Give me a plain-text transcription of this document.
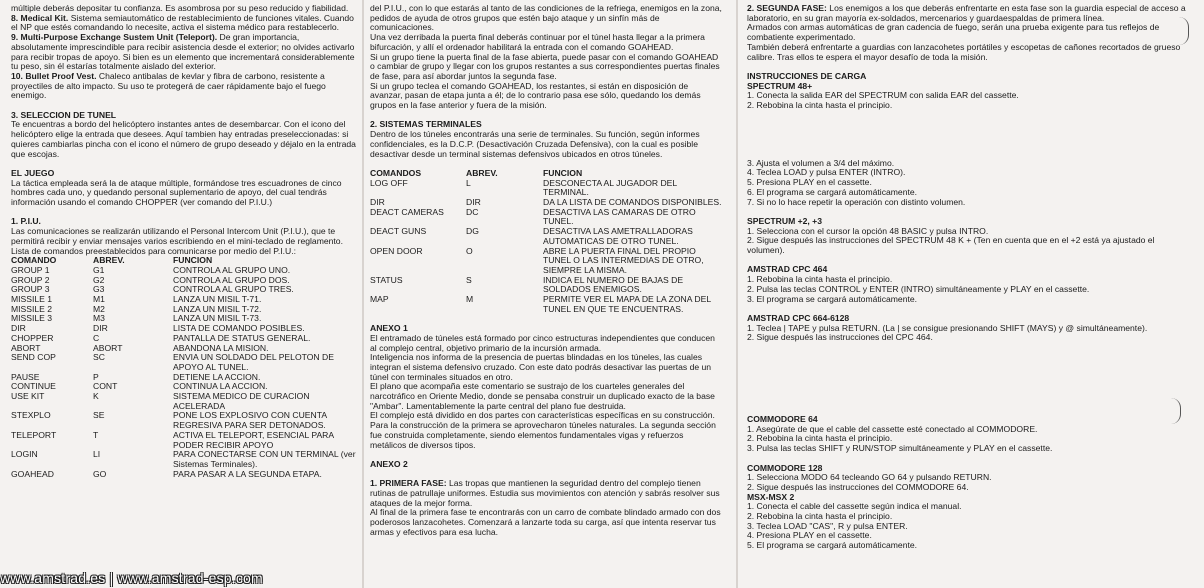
múltiple deberás depositar tu confianza. Es asombrosa por su peso reducido y fiabilidad.

8. Medical Kit. Sistema semiautomático de restablecimiento de funciones vitales. Cuando el NP que estés comandando lo necesite, activa el sistema médico para restablecerlo.

9. Multi-Purpose Exchange Sustem Unit (Teleport). De gran importancia, absolutamente imprescindible para recibir asistencia desde el exterior; no olvides activarlo para recibir tropas de apoyo. Si bien es un elemento que incrementará considerablemente tu peso, sin él estarías totalmente aislado del exterior.

10. Bullet Proof Vest. Chaleco antibalas de kevlar y fibra de carbono, resistente a proyectiles de alto impacto. Su uso te protegerá de caer rápidamente bajo el fuego enemigo.

3. SELECCION DE TUNEL

Te encuentras a bordo del helicóptero instantes antes de desembarcar. Con el icono del helicóptero elige la entrada que desees. Aquí tambien hay entradas preseleccionadas: si quieres cambiarlas pincha con el icono el número de grupo deseado y déjalo en la entrada que escojas.

EL JUEGO

La táctica empleada será la de ataque múltiple, formándose tres escuadrones de cinco hombres cada uno, y quedando personal suplementario de apoyo, del cual tendrás información usando el comando CHOPPER (ver comando del P.I.U.)

1. P.I.U.

Las comunicaciones se realizarán utilizando el Personal Intercom Unit (P.I.U.), que te permitirá recibir y enviar mensajes varios escribiendo en el mini-teclado de reglamento. Lista de comandos preestablecidos para comunicarse por medio del P.I.U.:

COMANDO	ABREV.	FUNCION
GROUP 1	G1	CONTROLA AL GRUPO UNO.
GROUP 2	G2	CONTROLA AL GRUPO DOS.
GROUP 3	G3	CONTROLA AL GRUPO TRES.
MISSILE 1	M1	LANZA UN MISIL T-71.
MISSILE 2	M2	LANZA UN MISIL T-72.
MISSILE 3	M3	LANZA UN MISIL T-73.
DIR	DIR	LISTA DE COMANDO POSIBLES.
CHOPPER	C	PANTALLA DE STATUS GENERAL.
ABORT	ABORT	ABANDONA LA MISION.
SEND COP	SC	ENVIA UN SOLDADO DEL PELOTON DE APOYO AL TUNEL.
PAUSE	P	DETIENE LA ACCION.
CONTINUE	CONT	CONTINUA LA ACCION.
USE KIT	K	SISTEMA MEDICO DE CURACION ACELERADA
STEXPLO	SE	PONE LOS EXPLOSIVO CON CUENTA REGRESIVA PARA SER DETONADOS.
TELEPORT	T	ACTIVA EL TELEPORT, ESENCIAL PARA PODER RECIBIR APOYO
LOGIN	LI	PARA CONECTARSE CON UN TERMINAL (ver Sistemas Terminales).
GOAHEAD	GO	PARA PASAR A LA SEGUNDA ETAPA.

del P.I.U., con lo que estarás al tanto de las condiciones de la refriega, enemigos en la zona, pedidos de ayuda de otros grupos que estén bajo ataque y un sinfín más de comunicaciones.

Una vez derribada la puerta final deberás continuar por el túnel hasta llegar a la primera bifurcación, y allí el ordenador habilitará la entrada con el comando GOAHEAD.

Si un grupo tiene la puerta final de la fase abierta, puede pasar con el comando GOAHEAD o cambiar de grupo y llegar con los grupos restantes a sus correspondientes puertas finales de fase, para así abordar juntos la segunda fase.

Si un grupo teclea el comando GOAHEAD, los restantes, si están en disposición de avanzar, pasan de etapa junta a él; de lo contrario pasa ese sólo, quedando los demás grupos en la fase anterior y fuera de la misión.

2. SISTEMAS TERMINALES

Dentro de los túneles encontrarás una serie de terminales. Su función, según informes confidenciales, es la D.C.P. (Desactivación Cruzada Defensiva), con la cual es posible desactivar desde un terminal sistemas defensivos ubicados en otros túneles.

COMANDOS	ABREV.	FUNCION
LOG OFF	L	DESCONECTA AL JUGADOR DEL TERMINAL.
DIR	DIR	DA LA LISTA DE COMANDOS DISPONIBLES.
DEACT CAMERAS	DC	DESACTIVA LAS CAMARAS DE OTRO TUNEL.
DEACT GUNS	DG	DESACTIVA LAS AMETRALLADORAS AUTOMATICAS DE OTRO TUNEL.
OPEN DOOR	O	ABRE LA PUERTA FINAL DEL PROPIO TUNEL O LAS INTERMEDIAS DE OTRO, SIEMPRE LA MISMA.
STATUS	S	INDICA EL NUMERO DE BAJAS DE SOLDADOS ENEMIGOS.
MAP	M	PERMITE VER EL MAPA DE LA ZONA DEL TUNEL EN QUE TE ENCUENTRAS.

ANEXO 1

El entramado de túneles está formado por cinco estructuras independientes que conducen al complejo central, objetivo primario de la incursión armada.

Inteligencia nos informa de la presencia de puertas blindadas en los túneles, las cuales integran el sistema defensivo cruzado. Con este dato podrás desactivar las puertas de un túnel con terminales situados en otro.

El plano que acompaña este comentario se sustrajo de los cuarteles generales del narcotráfico en Oriente Medio, donde se pensaba construir un duplicado exacto de la base "Ambar". Lamentablemente la parte central del plano fue destruida.

El complejo está dividido en dos partes con características específicas en su construcción.

Para la construcción de la primera se aprovecharon túneles naturales. La segunda sección fue construida completamente, siendo elementos fundamentales vigas y refuerzos metálicos de diversos tipos.

ANEXO 2

1. PRIMERA FASE: Las tropas que mantienen la seguridad dentro del complejo tienen rutinas de patrullaje uniformes. Estudia sus movimientos con atención y sabrás resolver sus ataques de la mejor forma.

Al final de la primera fase te encontrarás con un carro de combate blindado armado con dos poderosos lanzacohetes. Comenzará a lanzarte toda su carga, así que intenta reservar tus armas y efectivos para esa lucha.

2. SEGUNDA FASE: Los enemigos a los que deberás enfrentarte en esta fase son la guardia especial de acceso a laboratorio, en su gran mayoría ex-soldados, mercenarios y guardaespaldas de primera línea.

Armados con armas automáticas de gran cadencia de fuego, serán una prueba exigente para tus reflejos de combatiente experimentado.

También deberá enfrentarte a guardias con lanzacohetes portátiles y escopetas de cañones recortados de grueso calibre. Tras ellos te espera el mayor desafío de toda la misión.

INSTRUCCIONES DE CARGA

SPECTRUM 48+

1. Conecta la salida EAR del SPECTRUM con salida EAR del cassette.

2. Rebobina la cinta hasta el principio.

3. Ajusta el volumen a 3/4 del máximo.

4. Teclea LOAD y pulsa ENTER (INTRO).

5. Presiona PLAY en el cassette.

6. El programa se cargará automáticamente.

7. Si no lo hace repetir la operación con distinto volumen.

SPECTRUM +2, +3

1. Selecciona con el cursor la opción 48 BASIC y pulsa INTRO.

2. Sigue después las instrucciones del SPECTRUM 48 K + (Ten en cuenta que en el +2 está ya ajustado el volumen).

AMSTRAD CPC 464

1. Rebobina la cinta hasta el principio.

2. Pulsa las teclas CONTROL y ENTER (INTRO) simultáneamente y PLAY en el cassette.

3. El programa se cargará automáticamente.

AMSTRAD CPC 664-6128

1. Teclea | TAPE y pulsa RETURN. (La | se consigue presionando SHIFT (MAYS) y @ simultáneamente).

2. Sigue después las instrucciones del CPC 464.

COMMODORE 64

1. Asegúrate de que el cable del cassette esté conectado al COMMODORE.

2. Rebobina la cinta hasta el principio.

3. Pulsa las teclas SHIFT y RUN/STOP simultáneamente y PLAY en el cassette.

COMMODORE 128

1. Selecciona MODO 64 tecleando GO 64 y pulsando RETURN.

2. Sigue después las instrucciones del COMMODORE 64.

MSX-MSX 2

1. Conecta el cable del cassette según indica el manual.

2. Rebobina la cinta hasta el principio.

3. Teclea LOAD "CAS", R y pulsa ENTER.

4. Presiona PLAY en el cassette.

5. El programa se cargará automáticamente.

www.amstrad.es | www.amstrad-esp.com
